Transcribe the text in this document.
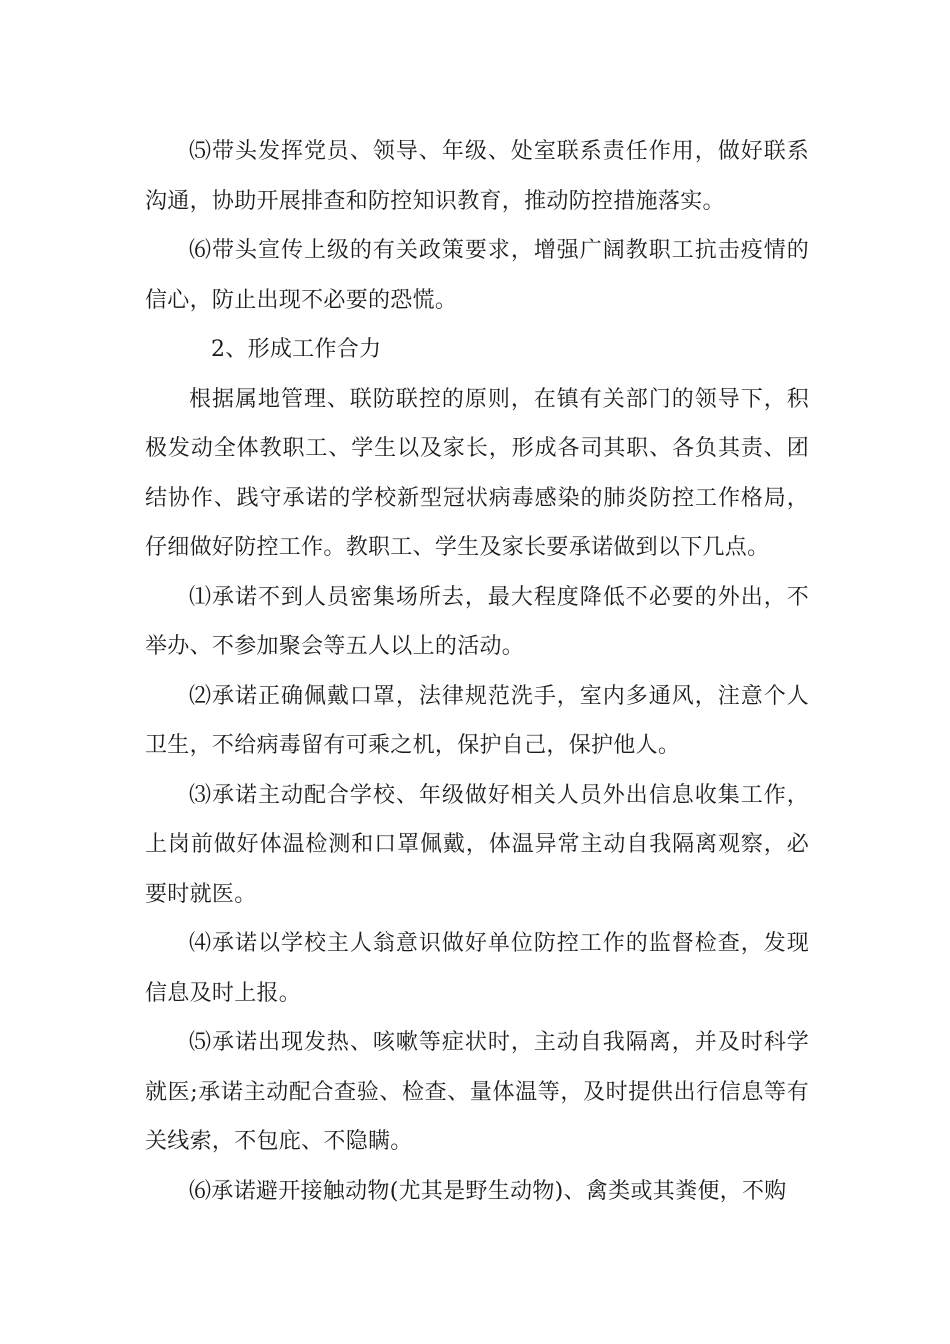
⑸带头发挥党员、领导、年级、处室联系责任作用，做好联系沟通，协助开展排查和防控知识教育，推动防控措施落实。

⑹带头宣传上级的有关政策要求，增强广阔教职工抗击疫情的信心，防止出现不必要的恐慌。

2、形成工作合力

根据属地管理、联防联控的原则，在镇有关部门的领导下，积极发动全体教职工、学生以及家长，形成各司其职、各负其责、团结协作、践守承诺的学校新型冠状病毒感染的肺炎防控工作格局，仔细做好防控工作。教职工、学生及家长要承诺做到以下几点。

⑴承诺不到人员密集场所去，最大程度降低不必要的外出，不举办、不参加聚会等五人以上的活动。

⑵承诺正确佩戴口罩，法律规范洗手，室内多通风，注意个人卫生，不给病毒留有可乘之机，保护自己，保护他人。

⑶承诺主动配合学校、年级做好相关人员外出信息收集工作，上岗前做好体温检测和口罩佩戴，体温异常主动自我隔离观察，必要时就医。

⑷承诺以学校主人翁意识做好单位防控工作的监督检查，发现信息及时上报。

⑸承诺出现发热、咳嗽等症状时，主动自我隔离，并及时科学就医;承诺主动配合查验、检查、量体温等，及时提供出行信息等有关线索，不包庇、不隐瞒。

⑹承诺避开接触动物(尤其是野生动物)、禽类或其粪便，不购
